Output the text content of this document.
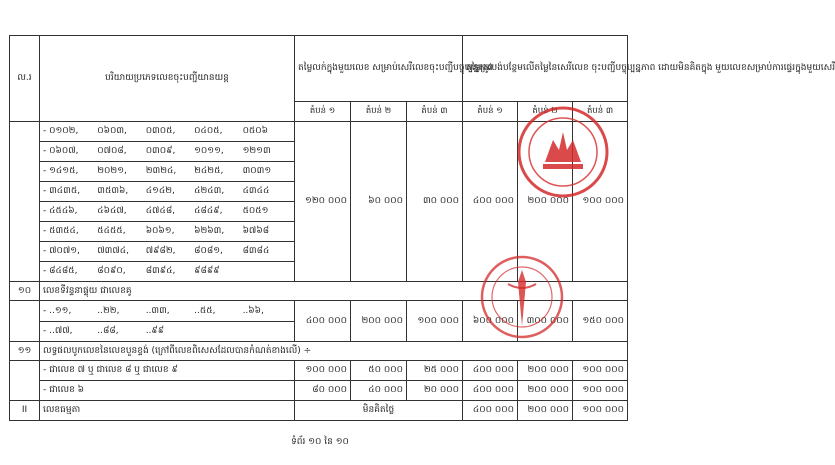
ល.រ	បរិយាយប្រភេទលេខចុះបញ្ជីយានយន្ត	តម្លៃលក់ក្នុងមួយលេខ សម្រាប់សេរីលេខចុះបញ្ជីបច្ចុប្បន្នភាព			តម្លៃត្រូវបង់បន្ថែមលើតម្លៃនៃសេរីលេខ ចុះបញ្ជីបច្ចុប្បន្នភាព ដោយមិនគិតក្នុង មួយលេខសម្រាប់ការផ្ទេរក្នុងមួយសេរី		
		តំបន់ ១	តំបន់ ២	តំបន់ ៣	តំបន់ ១	តំបន់ ២	តំបន់ ៣

	- ០១០២, ០៦០៣, ០៣០៥, ០៤០៥, ០៥០៦	១២០ ០០០	៦០ ០០០	៣០ ០០០	៤០០ ០០០	២០០ ០០០	១០០ ០០០

	- ០៦០៧, ០៧០៨, ០៣០៩, ១០១១, ១២១៣						

	- ១៤១៥, ២០២១, ២៣២៤, ២៤២៥, ៣០៣១						

	- ៣៤៣៥, ៣៥៣៦, ៤១៤២, ៤២៤៣, ៤៣៤៤						

	- ៤៥៤៦, ៤៦៤៧, ៤៧៤៨, ៤៨៤៩, ៥០៥១						

	- ៥៣៥៤, ៥៤៥៥, ៦០៦១, ៦២៦៣, ៦៧៦៨						

	- ៧០៧១, ៧៣៧៤, ៧៩៨២, ៨០៨១, ៨៣៨៤						

	- ៨៤៨៥, ៨០៩០, ៨៣៩៤, ៩៨៩៩						

១០	លេខទីវន្ទនាផ្ទុយ ជាលេខគូ						

	- ..១១, ..២២, ..៣៣, ..៥៥, ..៦៦,	៤០០ ០០០	២០០ ០០០	១០០ ០០០	៦០០ ០០០	៣០០ ០០០	១៥០ ០០០

	- ..៧៧, ..៨៨, ..៩៩						

១១	លទ្ធផលបូកលេខនៃលេខបួនខ្ទង់ (ក្រៅពីលេខពិសេសដែលបានកំណត់ខាងលើ) ÷						
	- ជាលេខ ៧ ឬ ជាលេខ ៨ ឬ ជាលេខ ៩	១០០ ០០០	៥០ ០០០	២៥ ០០០	៤០០ ០០០	២០០ ០០០	១០០ ០០០
	- ជាលេខ ៦	៨០ ០០០	៤០ ០០០	២០ ០០០	៤០០ ០០០	២០០ ០០០	១០០ ០០០
II	លេខធម្មតា	មិនគិតថ្លៃ			៤០០ ០០០	២០០ ០០០	១០០ ០០០
ទំព័រ ១០ នៃ ១០
